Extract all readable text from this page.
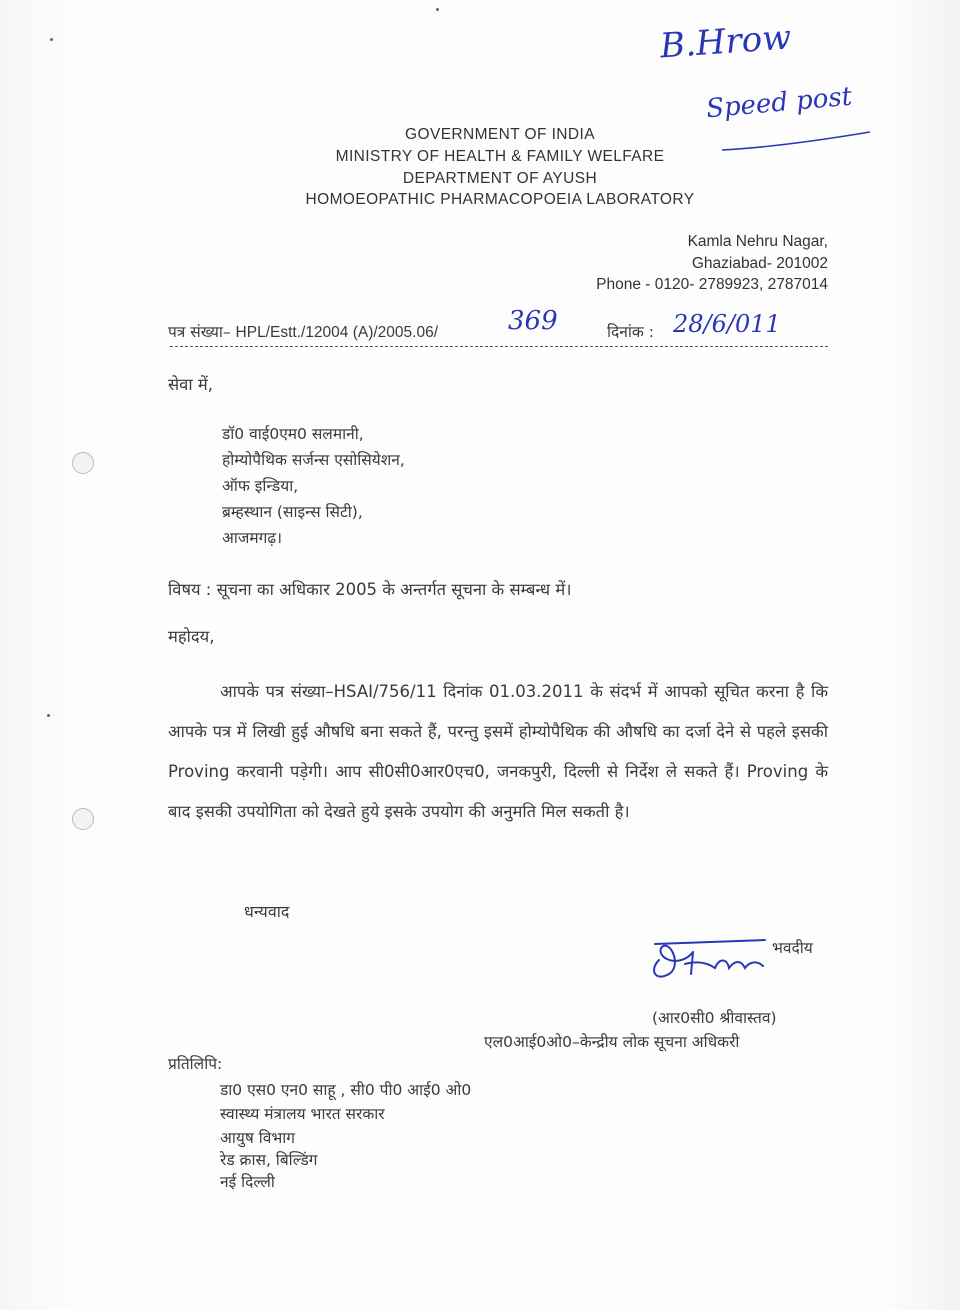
B.Hrow
Speed post
GOVERNMENT OF INDIA
MINISTRY OF HEALTH & FAMILY WELFARE
DEPARTMENT OF AYUSH
HOMOEOPATHIC PHARMACOPOEIA LABORATORY
Kamla Nehru Nagar,
Ghaziabad- 201002
Phone - 0120- 2789923, 2787014
पत्र संख्या– HPL/Estt./12004 (A)/2005.06/	369	दिनांक : 28/6/011
सेवा में,
डॉ0 वाई0एम0 सलमानी,
होम्योपैथिक सर्जन्स एसोसियेशन,
ऑफ इन्डिया,
ब्रम्हस्थान (साइन्स सिटी),
आजमगढ़।
विषय : सूचना का अधिकार 2005 के अन्तर्गत सूचना के सम्बन्ध में।
महोदय,
आपके पत्र संख्या–HSAI/756/11 दिनांक 01.03.2011 के संदर्भ में आपको सूचित करना है कि आपके पत्र में लिखी हुई औषधि बना सकते हैं, परन्तु इसमें होम्योपैथिक की औषधि का दर्जा देने से पहले इसकी Proving करवानी पड़ेगी। आप सी0सी0आर0एच0, जनकपुरी, दिल्ली से निर्देश ले सकते हैं। Proving के बाद इसकी उपयोगिता को देखते हुये इसके उपयोग की अनुमति मिल सकती है।
धन्यवाद
भवदीय
(आर0सी0 श्रीवास्तव)
एल0आई0ओ0–केन्द्रीय लोक सूचना अधिकरी
प्रतिलिपि:
डा0 एस0 एन0 साहू , सी0 पी0 आई0 ओ0
स्वास्थ्य मंत्रालय भारत सरकार
आयुष विभाग
रेड क्रास, बिल्डिंग
नई दिल्ली
